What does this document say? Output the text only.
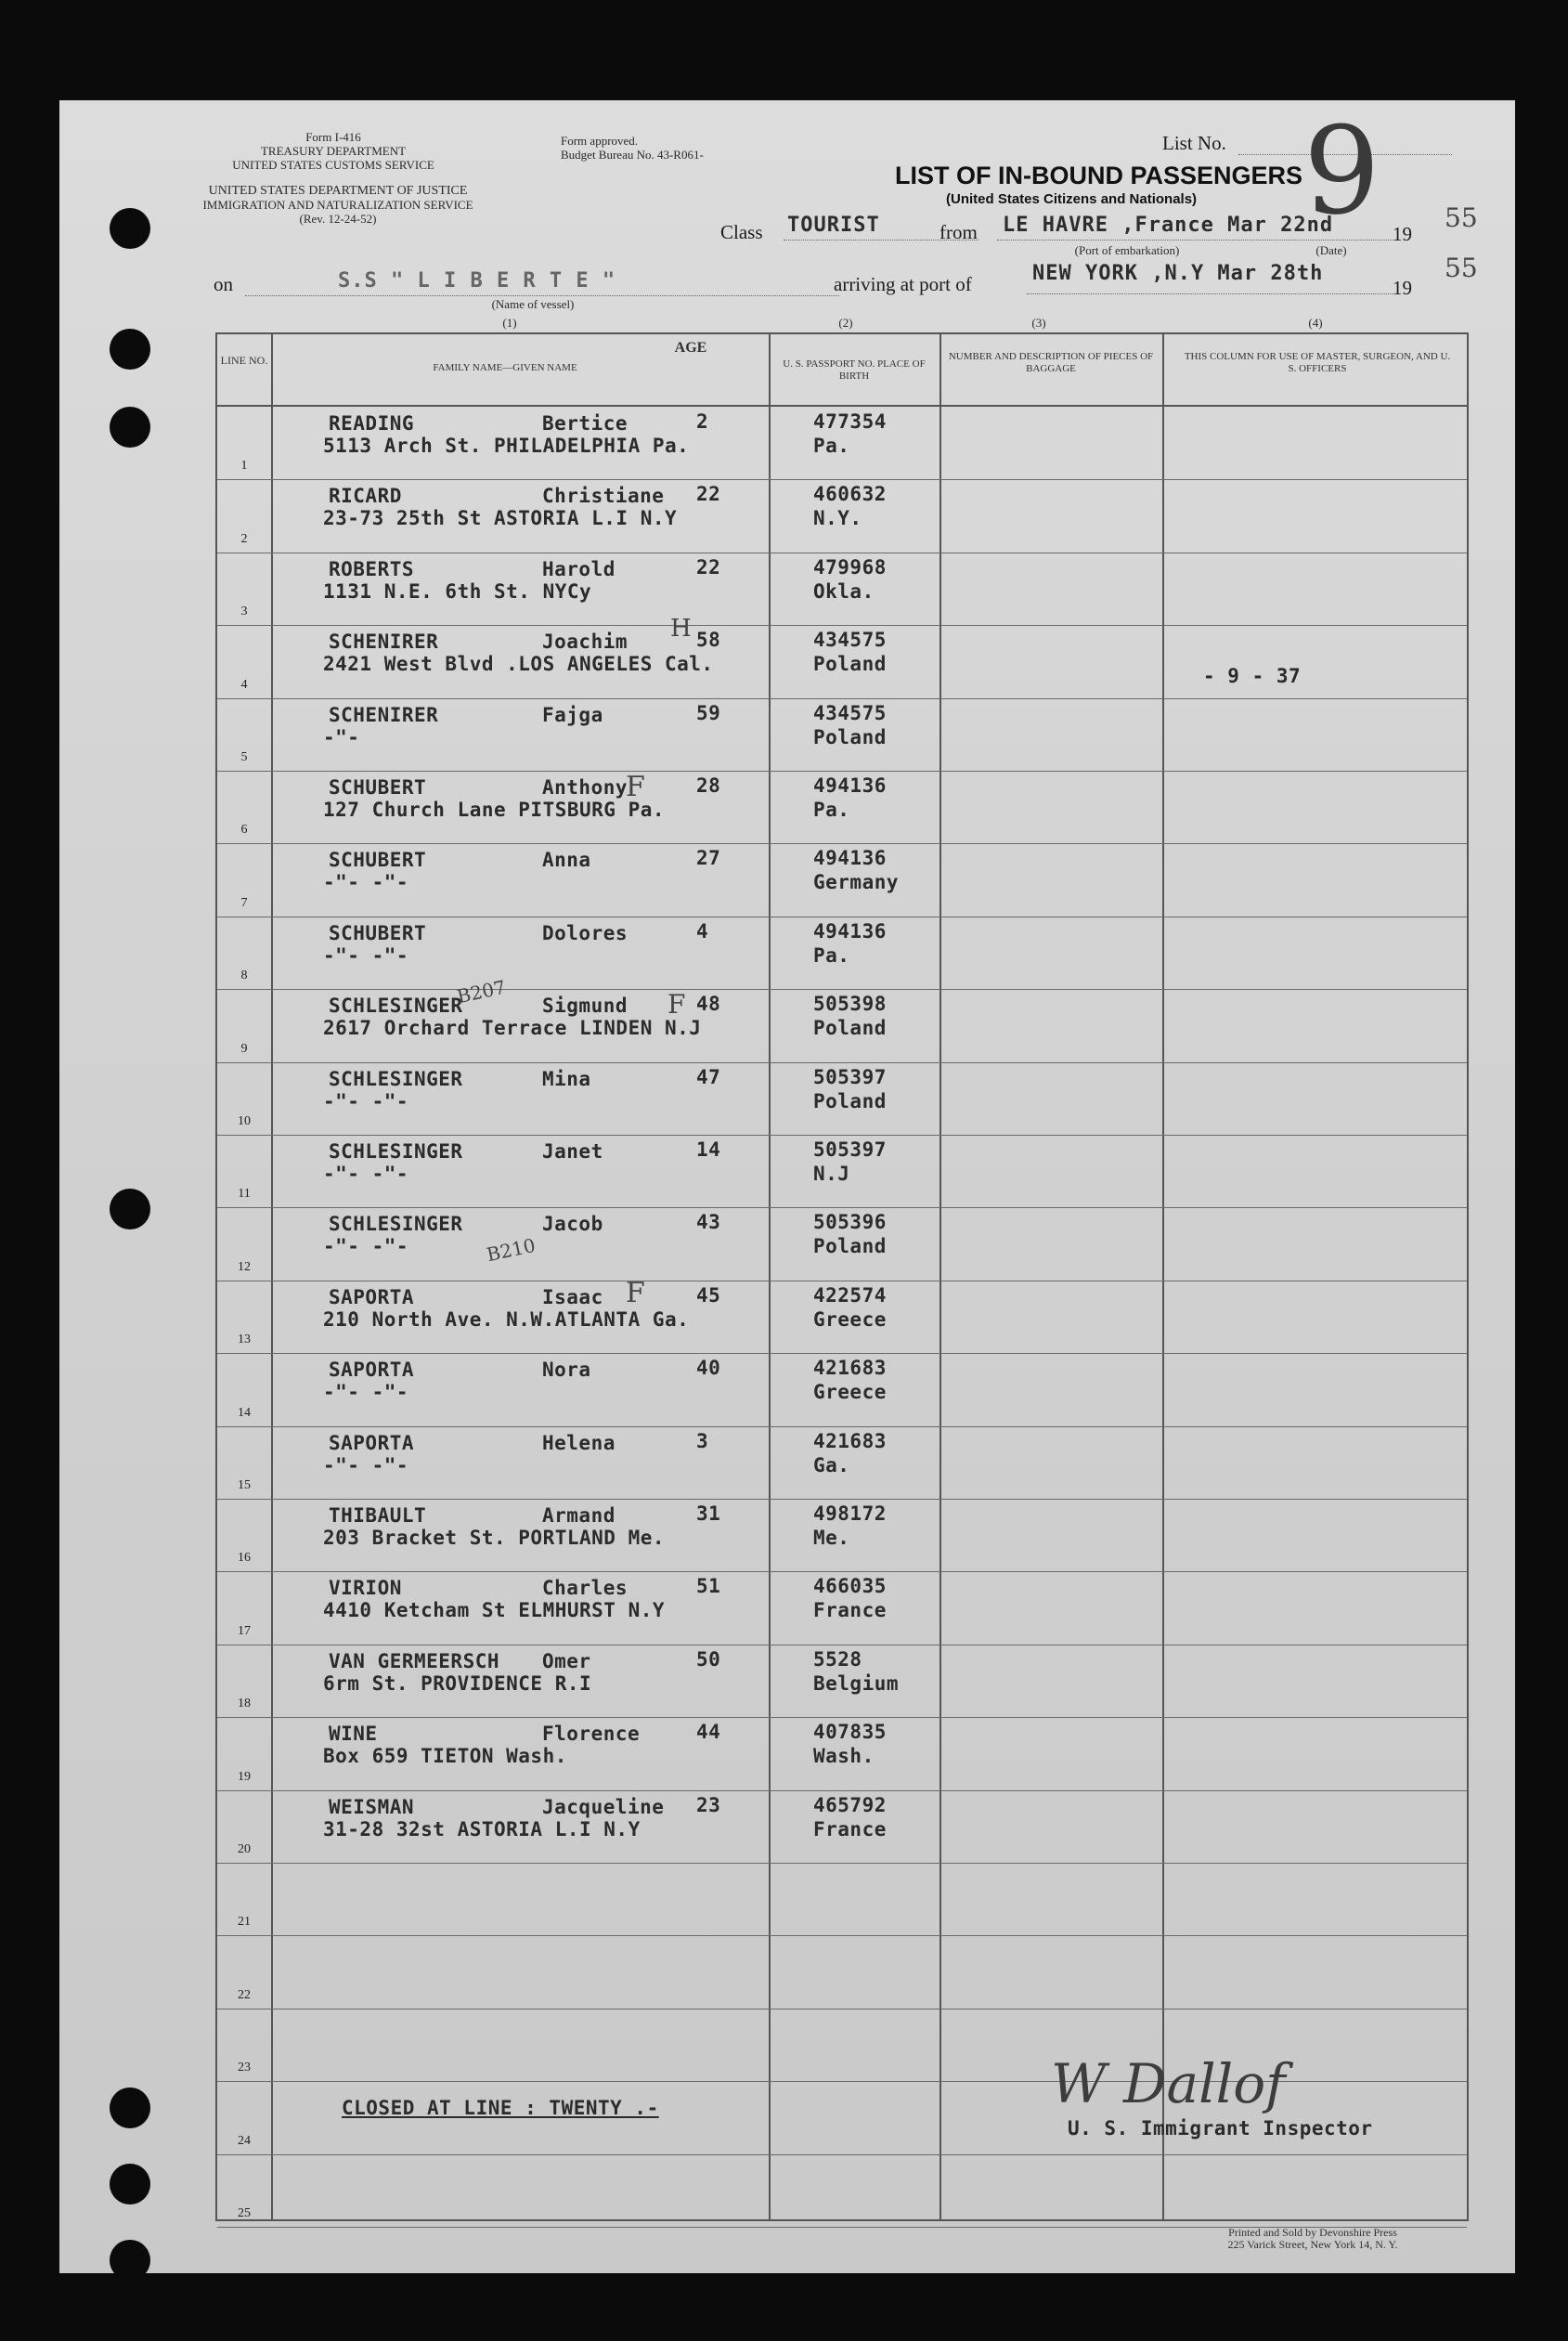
Form I-416
TREASURY DEPARTMENT
UNITED STATES CUSTOMS SERVICE
UNITED STATES DEPARTMENT OF JUSTICE
IMMIGRATION AND NATURALIZATION SERVICE
(Rev. 12-24-52)
Form approved.
Budget Bureau No. 43-R061-
List No. 9
LIST OF IN-BOUND PASSENGERS
(United States Citizens and Nationals)
Class TOURIST	from LE HAVRE ,France Mar 22nd	19
55
(Port of embarkation)	(Date)
on	S.S " L I B E R T E "
(Name of vessel)
arriving at port of	NEW YORK ,N.Y Mar 28th
19
55
(1)	(2)	(3)	(4)
LINE NO.
FAMILY NAME—GIVEN NAME
AGE
U. S. PASSPORT NO. PLACE OF BIRTH
NUMBER AND DESCRIPTION OF PIECES OF BAGGAGE
THIS COLUMN FOR USE OF MASTER, SURGEON, AND U. S. OFFICERS
1
READING	Bertice	2
5113 Arch St. PHILADELPHIA Pa.
477354
Pa.
2
RICARD	Christiane 22
23-73 25th St ASTORIA L.I N.Y
460632
N.Y.
3
ROBERTS	Harold	22
1131 N.E. 6th St. NYCy
479968
Okla.
4
SCHENIRER	Joachim	58
2421 West Blvd .LOS ANGELES Cal.
434575
Poland
5
SCHENIRER	Fajga	59
-"-
434575
Poland
6
SCHUBERT	Anthony	28
127 Church Lane PITSBURG Pa.
494136
Pa.
7
SCHUBERT	Anna	27
-"- -"-
494136
Germany
8
SCHUBERT	Dolores	4
-"- -"-
494136
Pa.
9
SCHLESINGER	Sigmund	48
2617 Orchard Terrace LINDEN N.J
505398
Poland
10
SCHLESINGER	Mina	47
-"- -"-
505397
Poland
11
SCHLESINGER	Janet	14
-"- -"-
505397
N.J
12
SCHLESINGER	Jacob	43
-"- -"-
505396
Poland
13
SAPORTA	Isaac	45
210 North Ave. N.W.ATLANTA Ga.
422574
Greece
14
SAPORTA	Nora	40
-"- -"-
421683
Greece
15
SAPORTA	Helena	3
-"- -"-
421683
Ga.
16
THIBAULT	Armand	31
203 Bracket St. PORTLAND Me.
498172
Me.
17
VIRION	Charles	51
4410 Ketcham St ELMHURST N.Y
466035
France
18
VAN GERMEERSCH Omer	50
6rm St. PROVIDENCE R.I
5528
Belgium
19
WINE	Florence	44
Box 659 TIETON Wash.
407835
Wash.
20
WEISMAN	Jacqueline 23
31-28 32st ASTORIA L.I N.Y
465792
France
21
22
23
24
25
CLOSED AT LINE : TWENTY .-	W Dallof
U. S. Immigrant Inspector
- 9 - 37
H
F
F
B207
B210
F
Printed and Sold by Devonshire Press
225 Varick Street, New York 14, N. Y.
